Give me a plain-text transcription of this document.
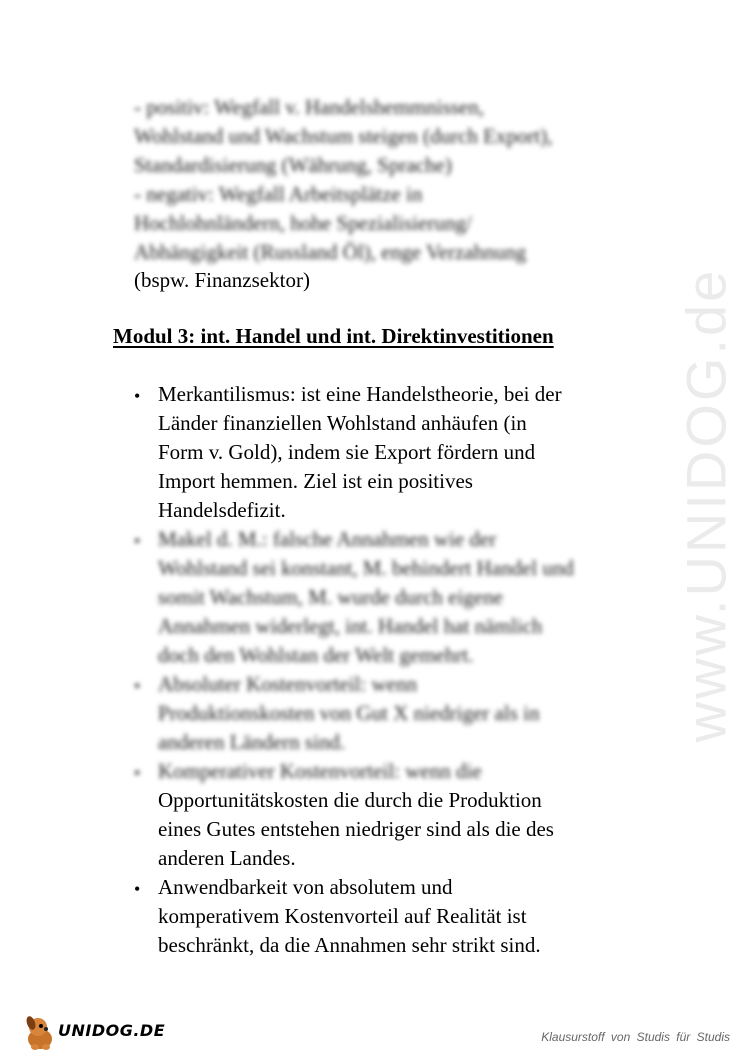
- positiv: Wegfall v. Handelshemmnissen,
Wohlstand und Wachstum steigen (durch Export),
Standardisierung (Währung, Sprache)
- negativ: Wegfall Arbeitsplätze in
Hochlohnländern, hohe Spezialisierung/
Abhängigkeit (Russland Öl), enge Verzahnung
(bspw. Finanzsektor)
Modul 3: int. Handel und int. Direktinvestitionen
• Merkantilismus: ist eine Handelstheorie, bei der
Länder finanziellen Wohlstand anhäufen (in
Form v. Gold), indem sie Export fördern und
Import hemmen. Ziel ist ein positives
Handelsdefizit.
• Makel d. M.: falsche Annahmen wie der
Wohlstand sei konstant, M. behindert Handel und
somit Wachstum, M. wurde durch eigene
Annahmen widerlegt, int. Handel hat nämlich
doch den Wohlstan der Welt gemehrt.
• Absoluter Kostenvorteil: wenn
Produktionskosten von Gut X niedriger als in
anderen Ländern sind.
• Komperativer Kostenvorteil: wenn die
Opportunitätskosten die durch die Produktion
eines Gutes entstehen niedriger sind als die des
anderen Landes.
• Anwendbarkeit von absolutem und
komperativem Kostenvorteil auf Realität ist
beschränkt, da die Annahmen sehr strikt sind.
www.UNIDOG.de
UNIDOG.DE	Klausurstoff von Studis für Studis
